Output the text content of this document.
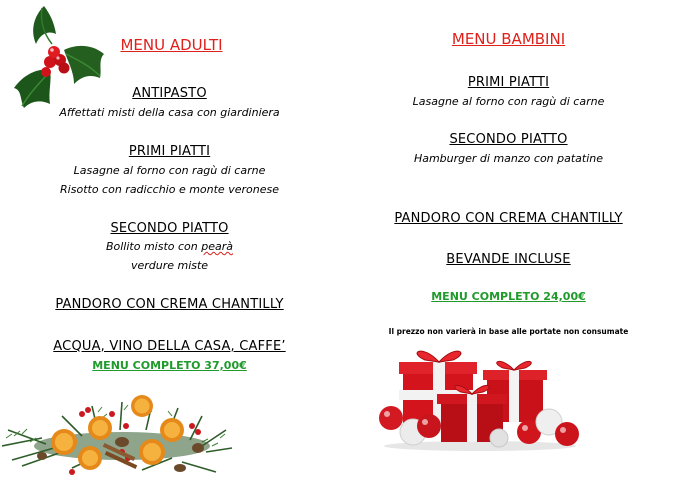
MENU ADULTI
ANTIPASTO
Affettati misti della casa con giardiniera
PRIMI PIATTI
Lasagne al forno con ragù di carne
Risotto con radicchio e monte veronese
SECONDO PIATTO
Bollito misto con pearà
verdure miste
PANDORO CON CREMA CHANTILLY
ACQUA, VINO DELLA CASA, CAFFE’
MENU COMPLETO 37,00€
MENU BAMBINI
PRIMI PIATTI
Lasagne al forno con ragù di carne
SECONDO PIATTO
Hamburger di manzo con patatine
PANDORO CON CREMA CHANTILLY
BEVANDE INCLUSE
MENU COMPLETO 24,00€
Il prezzo non varierà in base alle portate non consumate
